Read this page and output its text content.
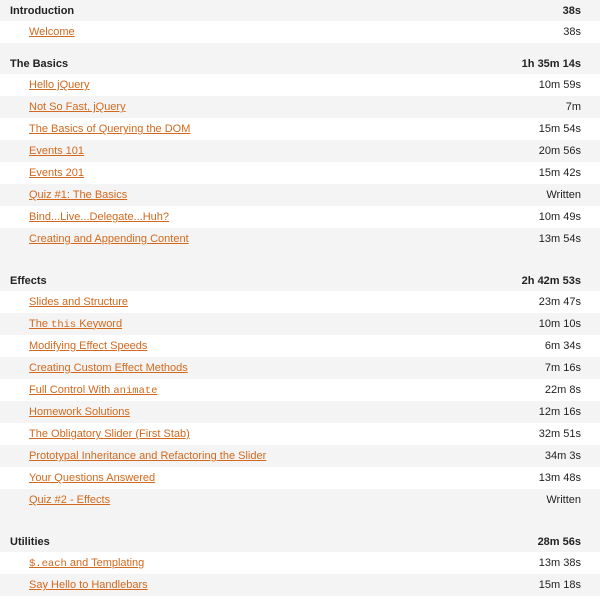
Introduction	38s
Welcome	38s
The Basics	1h 35m 14s
Hello jQuery	10m 59s
Not So Fast, jQuery	7m
The Basics of Querying the DOM	15m 54s
Events 101	20m 56s
Events 201	15m 42s
Quiz #1: The Basics	Written
Bind...Live...Delegate...Huh?	10m 49s
Creating and Appending Content	13m 54s
Effects	2h 42m 53s
Slides and Structure	23m 47s
The this Keyword	10m 10s
Modifying Effect Speeds	6m 34s
Creating Custom Effect Methods	7m 16s
Full Control With animate	22m 8s
Homework Solutions	12m 16s
The Obligatory Slider (First Stab)	32m 51s
Prototypal Inheritance and Refactoring the Slider	34m 3s
Your Questions Answered	13m 48s
Quiz #2 - Effects	Written
Utilities	28m 56s
$.each and Templating	13m 38s
Say Hello to Handlebars	15m 18s
